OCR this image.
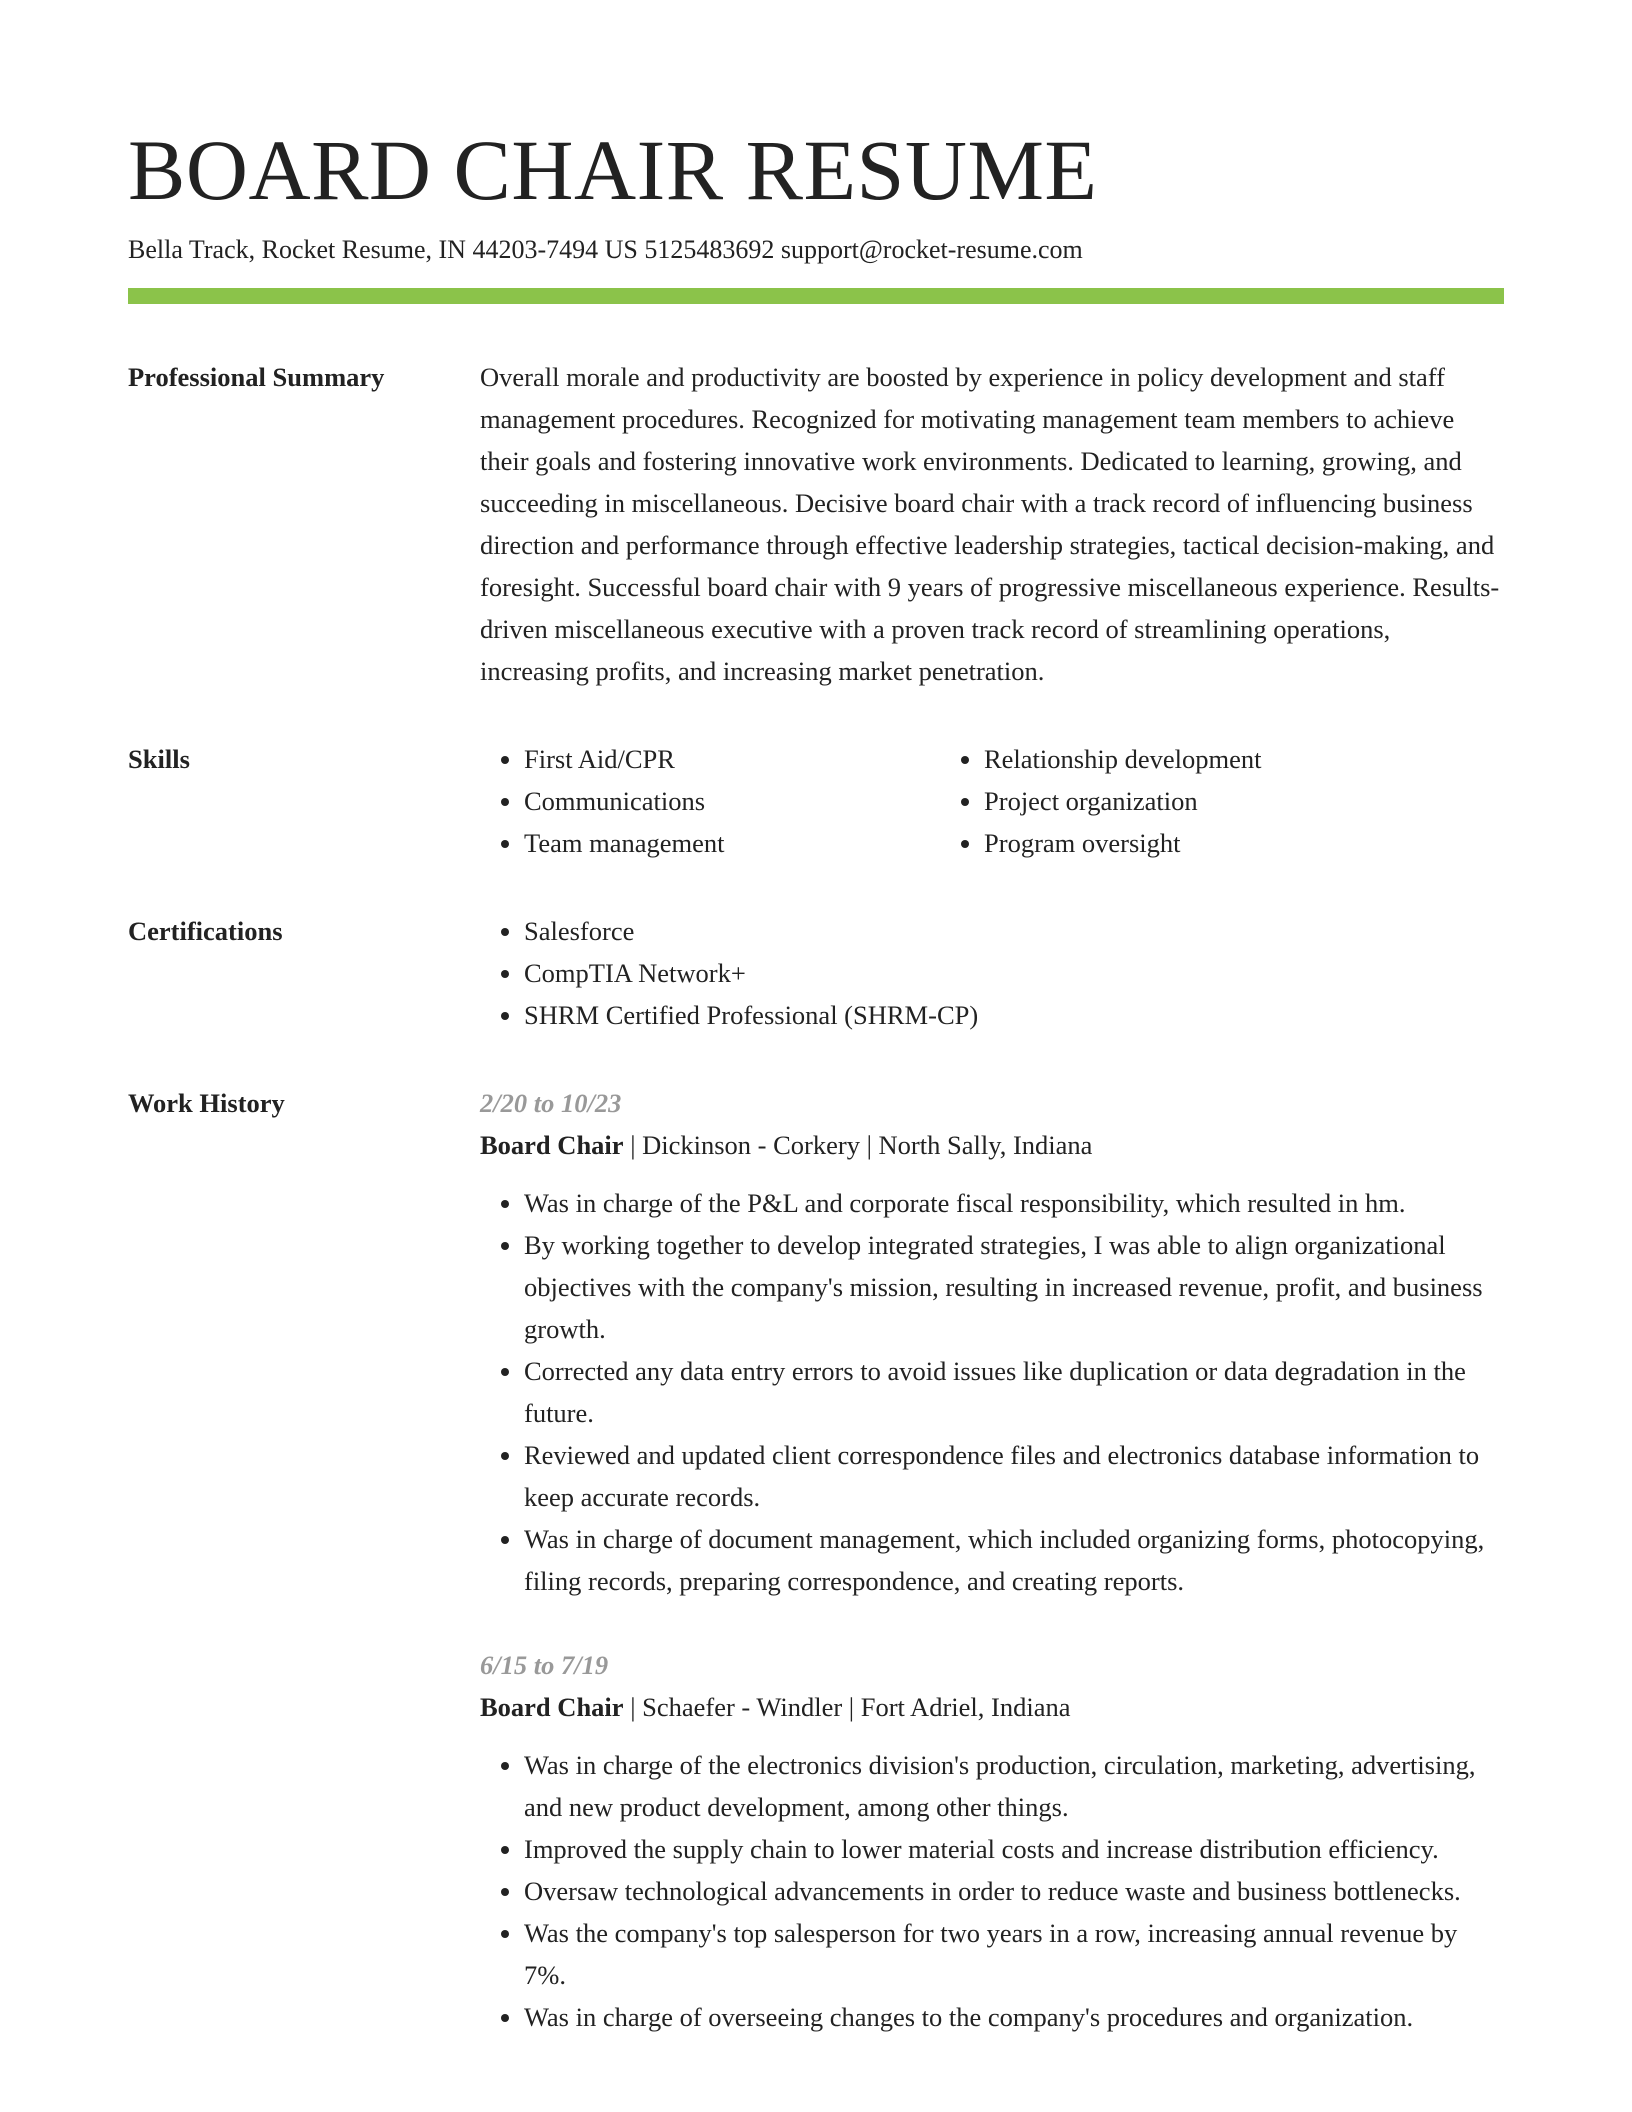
BOARD CHAIR RESUME
Bella Track, Rocket Resume, IN 44203-7494 US 5125483692 support@rocket-resume.com
Professional Summary	Overall morale and productivity are boosted by experience in policy development and staff management procedures. Recognized for motivating management team members to achieve their goals and fostering innovative work environments. Dedicated to learning, growing, and succeeding in miscellaneous. Decisive board chair with a track record of influencing business direction and performance through effective leadership strategies, tactical decision-making, and foresight. Successful board chair with 9 years of progressive miscellaneous experience. Results-driven miscellaneous executive with a proven track record of streamlining operations, increasing profits, and increasing market penetration.

Skills	• First Aid/CPR
• Communications
• Team management
• Relationship development
• Project organization
• Program oversight
Certifications	• Salesforce
• CompTIA Network+
• SHRM Certified Professional (SHRM-CP)
Work History	2/20 to 10/23
Board Chair | Dickinson - Corkery | North Sally, Indiana
• Was in charge of the P&L and corporate fiscal responsibility, which resulted in hm.
• By working together to develop integrated strategies, I was able to align organizational objectives with the company's mission, resulting in increased revenue, profit, and business growth.
• Corrected any data entry errors to avoid issues like duplication or data degradation in the future.
• Reviewed and updated client correspondence files and electronics database information to keep accurate records.
• Was in charge of document management, which included organizing forms, photocopying, filing records, preparing correspondence, and creating reports.
6/15 to 7/19
Board Chair | Schaefer - Windler | Fort Adriel, Indiana
• Was in charge of the electronics division's production, circulation, marketing, advertising, and new product development, among other things.
• Improved the supply chain to lower material costs and increase distribution efficiency.
• Oversaw technological advancements in order to reduce waste and business bottlenecks.
• Was the company's top salesperson for two years in a row, increasing annual revenue by 7%.
• Was in charge of overseeing changes to the company's procedures and organization.
